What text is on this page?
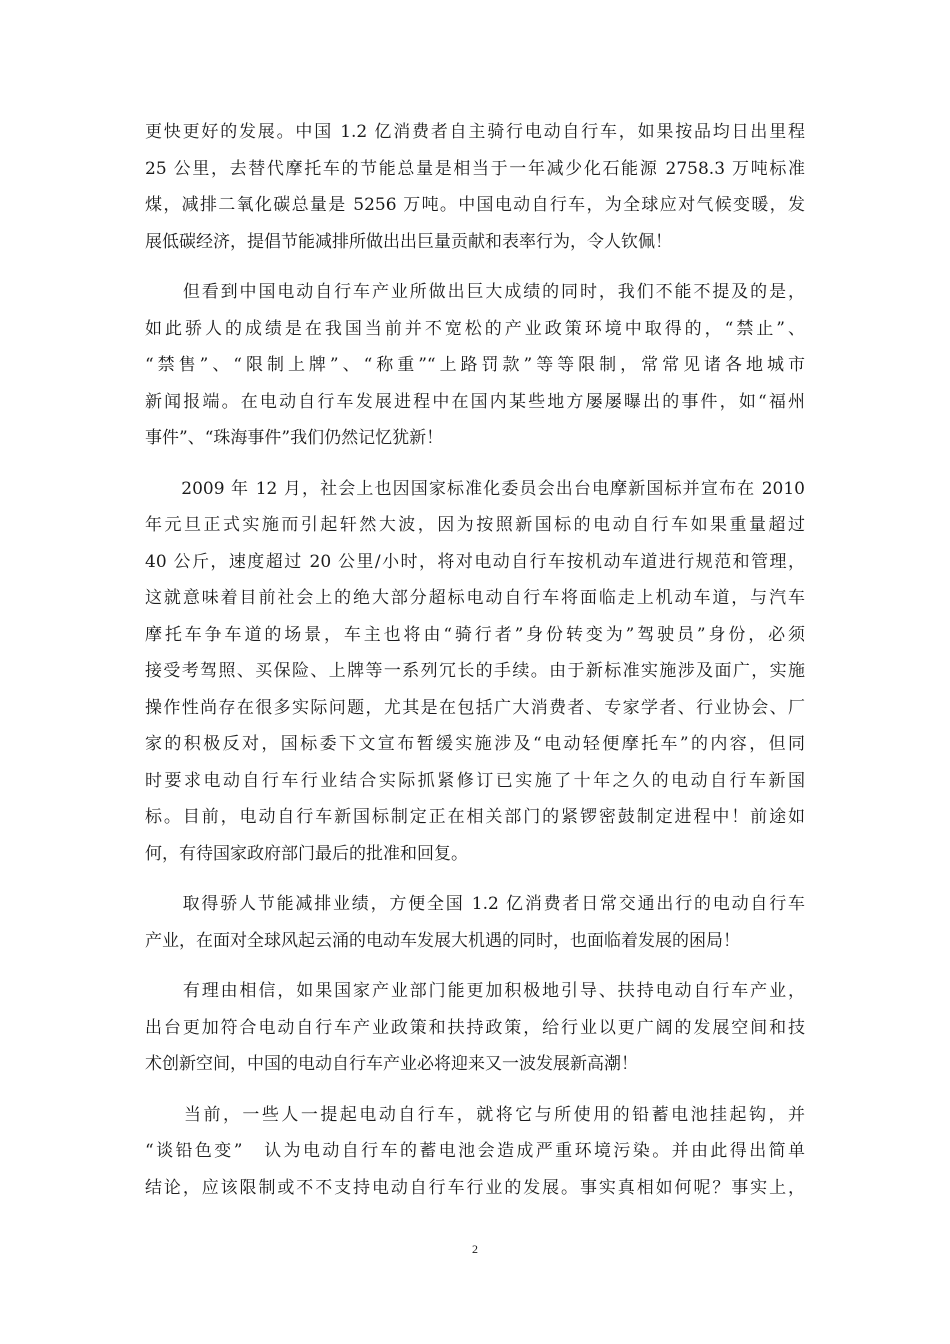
更快更好的发展。中国 1.2 亿消费者自主骑行电动自行车，如果按品均日出里程
25 公里，去替代摩托车的节能总量是相当于一年减少化石能源 2758.3 万吨标准
煤，减排二氧化碳总量是 5256 万吨。中国电动自行车，为全球应对气候变暖，发
展低碳经济，提倡节能减排所做出出巨量贡献和表率行为，令人钦佩！
　　但看到中国电动自行车产业所做出巨大成绩的同时，我们不能不提及的是，
如此骄人的成绩是在我国当前并不宽松的产业政策环境中取得的，“禁止”、
“禁售”、“限制上牌”、“称重”“上路罚款”等等限制，常常见诸各地城市
新闻报端。在电动自行车发展进程中在国内某些地方屡屡曝出的事件，如“福州
事件”、“珠海事件”我们仍然记忆犹新！
　　2009 年 12 月，社会上也因国家标准化委员会出台电摩新国标并宣布在 2010
年元旦正式实施而引起轩然大波，因为按照新国标的电动自行车如果重量超过
40 公斤，速度超过 20 公里/小时，将对电动自行车按机动车道进行规范和管理，
这就意味着目前社会上的绝大部分超标电动自行车将面临走上机动车道，与汽车
摩托车争车道的场景，车主也将由“骑行者”身份转变为”驾驶员”身份，必须
接受考驾照、买保险、上牌等一系列冗长的手续。由于新标准实施涉及面广，实施
操作性尚存在很多实际问题，尤其是在包括广大消费者、专家学者、行业协会、厂
家的积极反对，国标委下文宣布暂缓实施涉及“电动轻便摩托车”的内容，但同
时要求电动自行车行业结合实际抓紧修订已实施了十年之久的电动自行车新国
标。目前，电动自行车新国标制定正在相关部门的紧锣密鼓制定进程中！前途如
何，有待国家政府部门最后的批准和回复。
　　取得骄人节能减排业绩，方便全国 1.2 亿消费者日常交通出行的电动自行车
产业，在面对全球风起云涌的电动车发展大机遇的同时，也面临着发展的困局！
　　有理由相信，如果国家产业部门能更加积极地引导、扶持电动自行车产业，
出台更加符合电动自行车产业政策和扶持政策，给行业以更广阔的发展空间和技
术创新空间，中国的电动自行车产业必将迎来又一波发展新高潮！
　　当前，一些人一提起电动自行车，就将它与所使用的铅蓄电池挂起钩，并
“谈铅色变”　认为电动自行车的蓄电池会造成严重环境污染。并由此得出简单
结论，应该限制或不不支持电动自行车行业的发展。事实真相如何呢？事实上，
2
